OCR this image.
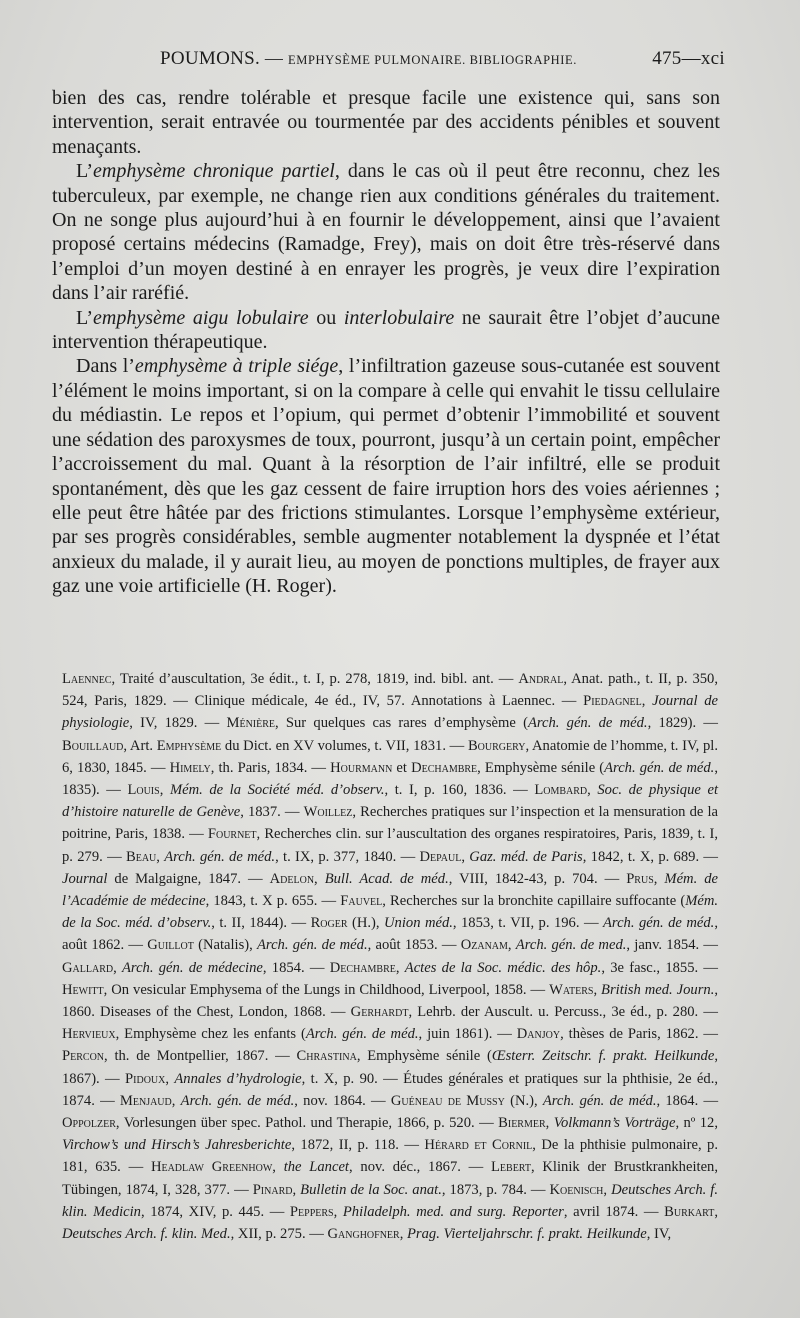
POUMONS. — EMPHYSÈME PULMONAIRE. BIBLIOGRAPHIE.	475—xci

bien des cas, rendre tolérable et presque facile une existence qui, sans son intervention, serait entravée ou tourmentée par des accidents pénibles et souvent menaçants.

L’emphysème chronique partiel, dans le cas où il peut être reconnu, chez les tuberculeux, par exemple, ne change rien aux conditions générales du traitement. On ne songe plus aujourd’hui à en fournir le développement, ainsi que l’avaient proposé certains médecins (Ramadge, Frey), mais on doit être très-réservé dans l’emploi d’un moyen destiné à en enrayer les progrès, je veux dire l’expiration dans l’air raréfié.

L’emphysème aigu lobulaire ou interlobulaire ne saurait être l’objet d’aucune intervention thérapeutique.

Dans l’emphysème à triple siége, l’infiltration gazeuse sous-cutanée est souvent l’élément le moins important, si on la compare à celle qui envahit le tissu cellulaire du médiastin. Le repos et l’opium, qui permet d’obtenir l’immobilité et souvent une sédation des paroxysmes de toux, pourront, jusqu’à un certain point, empêcher l’accroissement du mal. Quant à la résorption de l’air infiltré, elle se produit spontanément, dès que les gaz cessent de faire irruption hors des voies aériennes ; elle peut être hâtée par des frictions stimulantes. Lorsque l’emphysème extérieur, par ses progrès considérables, semble augmenter notablement la dyspnée et l’état anxieux du malade, il y aurait lieu, au moyen de ponctions multiples, de frayer aux gaz une voie artificielle (H. Roger).

Laennec, Traité d’auscultation, 3e édit., t. I, p. 278, 1819, ind. bibl. ant. — Andral, Anat. path., t. II, p. 350, 524, Paris, 1829. — Clinique médicale, 4e éd., IV, 57. Annotations à Laennec. — Piedagnel, Journal de physiologie, IV, 1829. — Ménière, Sur quelques cas rares d’emphysème (Arch. gén. de méd., 1829). — Bouillaud, Art. Emphysème du Dict. en XV volumes, t. VII, 1831. — Bourgery, Anatomie de l’homme, t. IV, pl. 6, 1830, 1845. — Himely, th. Paris, 1834. — Hourmann et Dechambre, Emphysème sénile (Arch. gén. de méd., 1835). — Louis, Mém. de la Société méd. d’observ., t. I, p. 160, 1836. — Lombard, Soc. de physique et d’histoire naturelle de Genève, 1837. — Woillez, Recherches pratiques sur l’inspection et la mensuration de la poitrine, Paris, 1838. — Fournet, Recherches clin. sur l’auscultation des organes respiratoires, Paris, 1839, t. I, p. 279. — Beau, Arch. gén. de méd., t. IX, p. 377, 1840. — Depaul, Gaz. méd. de Paris, 1842, t. X, p. 689. — Journal de Malgaigne, 1847. — Adelon, Bull. Acad. de méd., VIII, 1842-43, p. 704. — Prus, Mém. de l’Académie de médecine, 1843, t. X p. 655. — Fauvel, Recherches sur la bronchite capillaire suffocante (Mém. de la Soc. méd. d’observ., t. II, 1844). — Roger (H.), Union méd., 1853, t. VII, p. 196. — Arch. gén. de méd., août 1862. — Guillot (Natalis), Arch. gén. de méd., août 1853. — Ozanam, Arch. gén. de med., janv. 1854. — Gallard, Arch. gén. de médecine, 1854. — Dechambre, Actes de la Soc. médic. des hôp., 3e fasc., 1855. — Hewitt, On vesicular Emphysema of the Lungs in Childhood, Liverpool, 1858. — Waters, British med. Journ., 1860. Diseases of the Chest, London, 1868. — Gerhardt, Lehrb. der Auscult. u. Percuss., 3e éd., p. 280. — Hervieux, Emphysème chez les enfants (Arch. gén. de méd., juin 1861). — Danjoy, thèses de Paris, 1862. — Percon, th. de Montpellier, 1867. — Chrastina, Emphysème sénile (Œsterr. Zeitschr. f. prakt. Heilkunde, 1867). — Pidoux, Annales d’hydrologie, t. X, p. 90. — Études générales et pratiques sur la phthisie, 2e éd., 1874. — Menjaud, Arch. gén. de méd., nov. 1864. — Guéneau de Mussy (N.), Arch. gén. de méd., 1864. — Oppolzer, Vorlesungen über spec. Pathol. und Therapie, 1866, p. 520. — Biermer, Volkmann’s Vorträge, nº 12, Virchow’s und Hirsch’s Jahresberichte, 1872, II, p. 118. — Hérard et Cornil, De la phthisie pulmonaire, p. 181, 635. — Headlaw Greenhow, the Lancet, nov. déc., 1867. — Lebert, Klinik der Brustkrankheiten, Tübingen, 1874, I, 328, 377. — Pinard, Bulletin de la Soc. anat., 1873, p. 784. — Koenisch, Deutsches Arch. f. klin. Medicin, 1874, XIV, p. 445. — Peppers, Philadelph. med. and surg. Reporter, avril 1874. — Burkart, Deutsches Arch. f. klin. Med., XII, p. 275. — Ganghofner, Prag. Vierteljahrschr. f. prakt. Heilkunde, IV,
